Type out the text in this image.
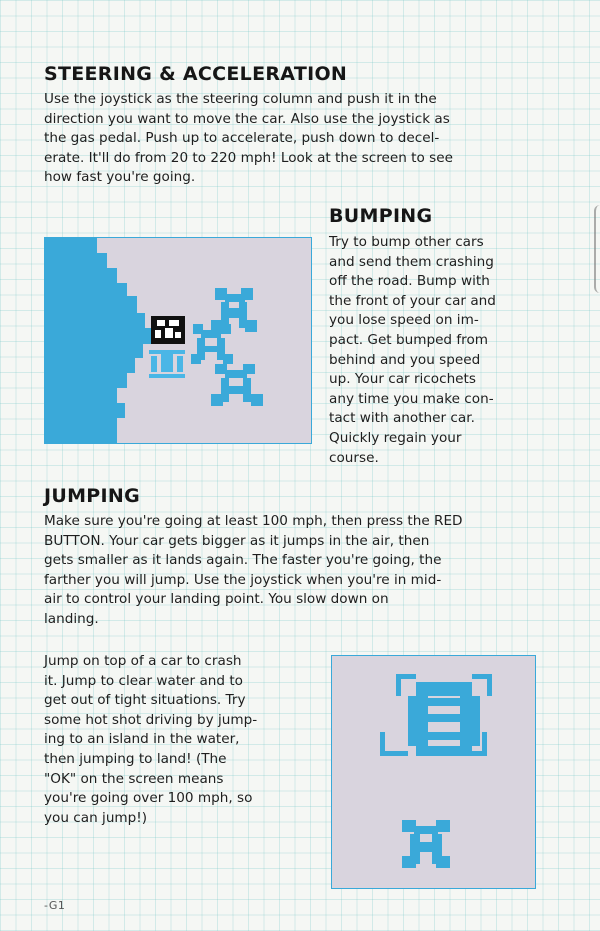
STEERING & ACCELERATION

Use the joystick as the steering column and push it in the
direction you want to move the car. Also use the joystick as
the gas pedal. Push up to accelerate, push down to decel-
erate. It'll do from 20 to 220 mph! Look at the screen to see
how fast you're going.

BUMPING

Try to bump other cars
and send them crashing
off the road. Bump with
the front of your car and
you lose speed on im-
pact. Get bumped from
behind and you speed
up. Your car ricochets
any time you make con-
tact with another car.
Quickly regain your
course.

JUMPING

Make sure you're going at least 100 mph, then press the RED
BUTTON. Your car gets bigger as it jumps in the air, then
gets smaller as it lands again. The faster you're going, the
farther you will jump. Use the joystick when you're in mid-
air to control your landing point. You slow down on
landing.

Jump on top of a car to crash
it. Jump to clear water and to
get out of tight situations. Try
some hot shot driving by jump-
ing to an island in the water,
then jumping to land! (The
"OK" on the screen means
you're going over 100 mph, so
you can jump!)

-G1
